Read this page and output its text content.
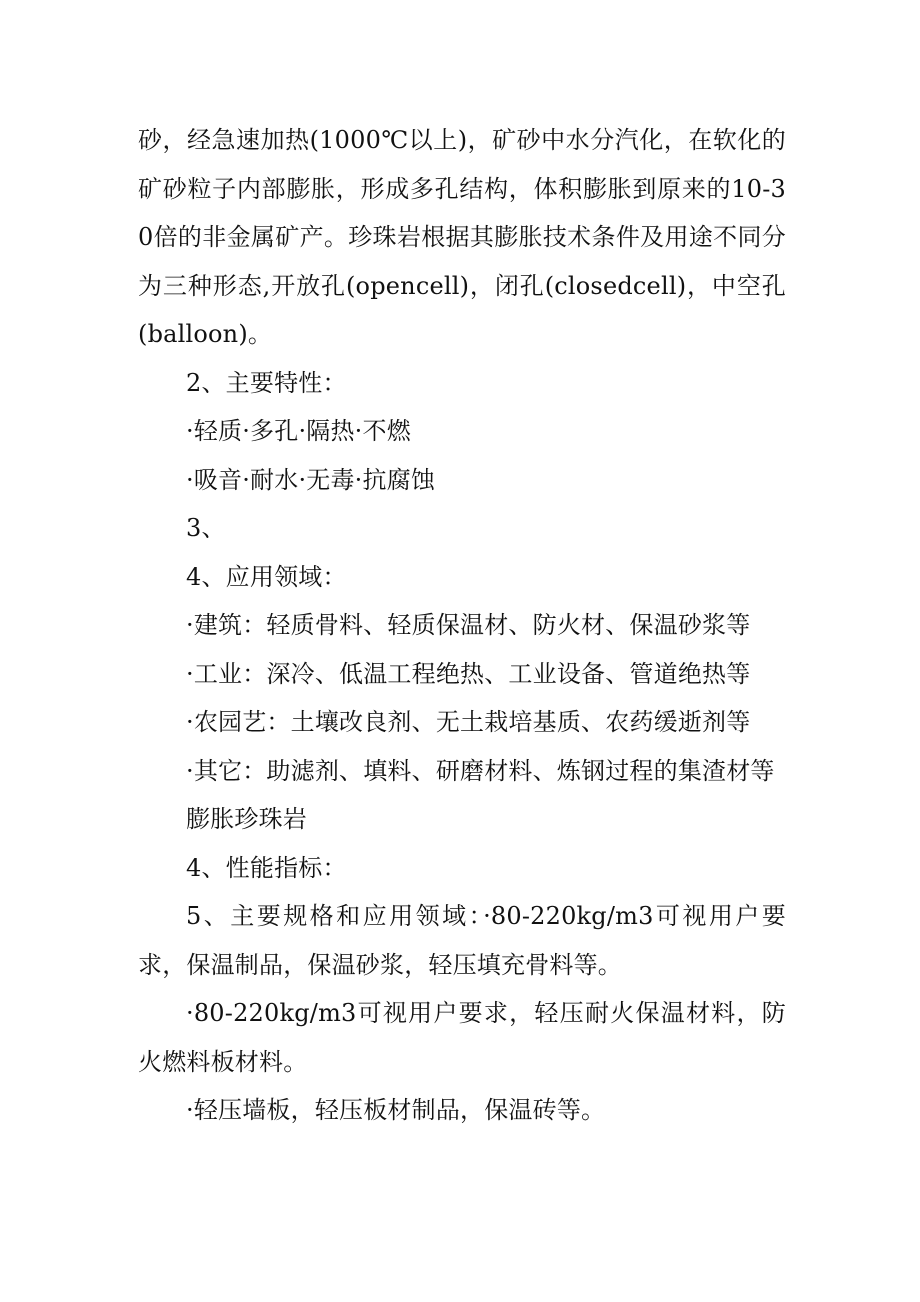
砂，经急速加热(1000℃以上)，矿砂中水分汽化，在软化的矿砂粒子内部膨胀，形成多孔结构，体积膨胀到原来的10-30倍的非金属矿产。珍珠岩根据其膨胀技术条件及用途不同分为三种形态,开放孔(opencell)，闭孔(closedcell)，中空孔(balloon)。

2、主要特性：

·轻质·多孔·隔热·不燃

·吸音·耐水·无毒·抗腐蚀

3、

4、应用领域：

·建筑：轻质骨料、轻质保温材、防火材、保温砂浆等

·工业：深冷、低温工程绝热、工业设备、管道绝热等

·农园艺：土壤改良剂、无土栽培基质、农药缓逝剂等

·其它：助滤剂、填料、研磨材料、炼钢过程的集渣材等

膨胀珍珠岩

4、性能指标：

5、主要规格和应用领域：·80-220kg/m3可视用户要求，保温制品，保温砂浆，轻压填充骨料等。

·80-220kg/m3可视用户要求，轻压耐火保温材料，防火燃料板材料。

·轻压墙板，轻压板材制品，保温砖等。
